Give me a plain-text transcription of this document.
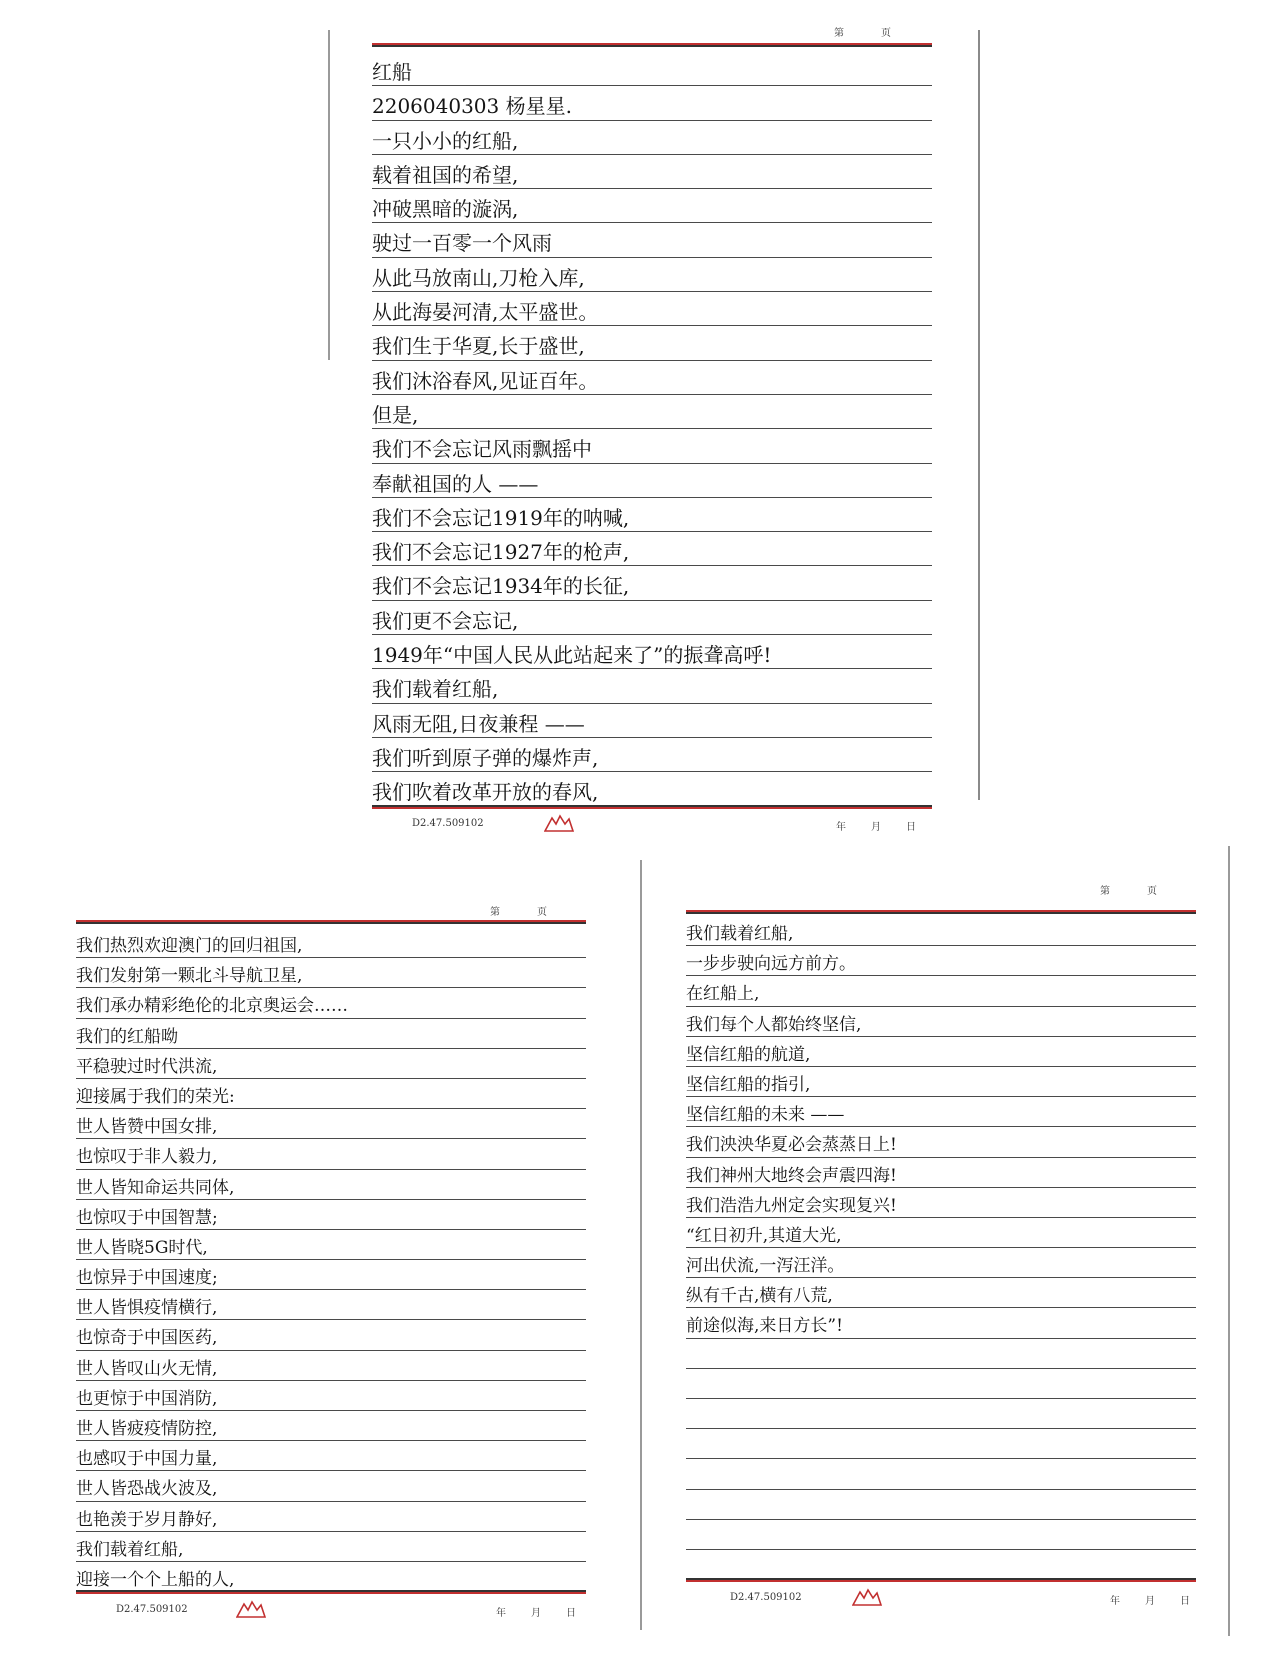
第	页
红船
2206040303 杨星星.
一只小小的红船,
载着祖国的希望,
冲破黑暗的漩涡,
驶过一百零一个风雨
从此马放南山,刀枪入库,
从此海晏河清,太平盛世。
我们生于华夏,长于盛世,
我们沐浴春风,见证百年。
但是,
我们不会忘记风雨飘摇中
奉献祖国的人 ——
我们不会忘记1919年的呐喊,
我们不会忘记1927年的枪声,
我们不会忘记1934年的长征,
我们更不会忘记,
1949年“中国人民从此站起来了”的振聋高呼!
我们载着红船,
风雨无阻,日夜兼程 ——
我们听到原子弹的爆炸声,
我们吹着改革开放的春风,
D2.47.509102	年 月 日
第	页
我们热烈欢迎澳门的回归祖国,
我们发射第一颗北斗导航卫星,
我们承办精彩绝伦的北京奥运会……
我们的红船呦
平稳驶过时代洪流,
迎接属于我们的荣光:
世人皆赞中国女排,
也惊叹于非人毅力,
世人皆知命运共同体,
也惊叹于中国智慧;
世人皆晓5G时代,
也惊异于中国速度;
世人皆惧疫情横行,
也惊奇于中国医药,
世人皆叹山火无情,
也更惊于中国消防,
世人皆疲疫情防控,
也感叹于中国力量,
世人皆恐战火波及,
也艳羡于岁月静好,
我们载着红船,
迎接一个个上船的人,
D2.47.509102	年 月 日
第	页
我们载着红船,
一步步驶向远方前方。
在红船上,
我们每个人都始终坚信,
坚信红船的航道,
坚信红船的指引,
坚信红船的未来 ——
我们泱泱华夏必会蒸蒸日上!
我们神州大地终会声震四海!
我们浩浩九州定会实现复兴!
“红日初升,其道大光,
河出伏流,一泻汪洋。
纵有千古,横有八荒,
前途似海,来日方长”!
D2.47.509102	年 月 日
